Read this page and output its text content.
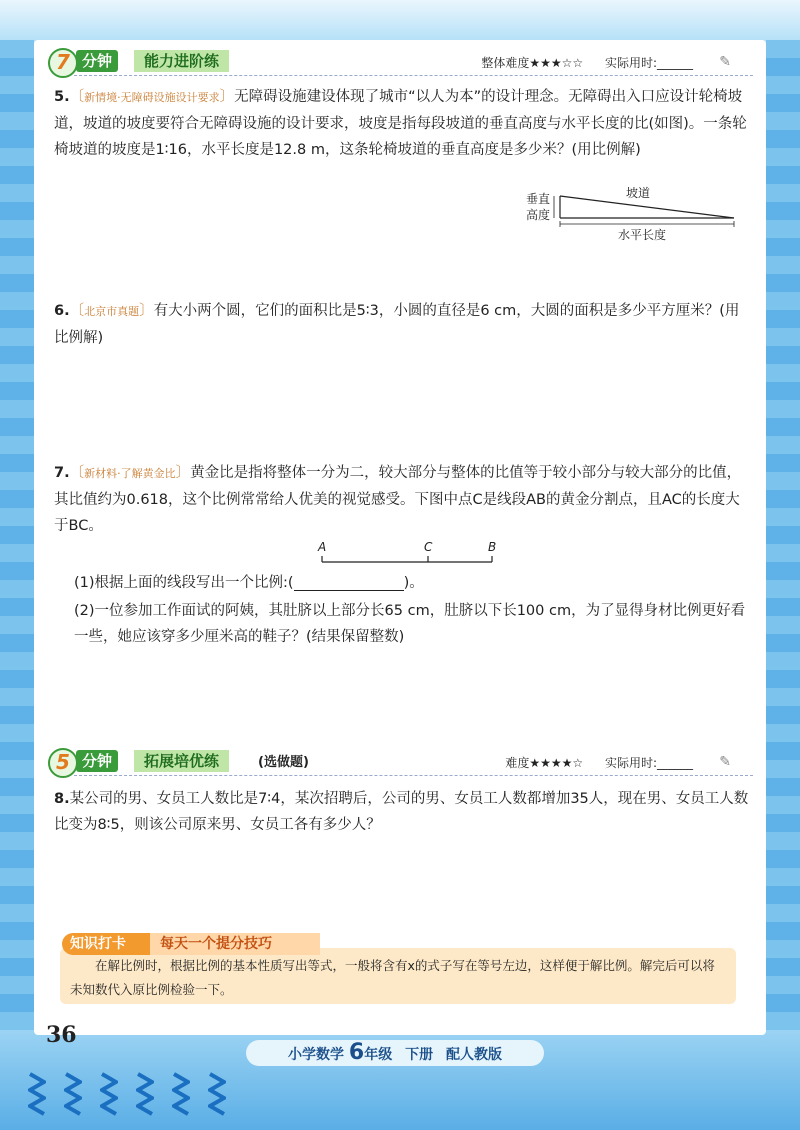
7 分钟	能力进阶练	整体难度★★★☆☆ 实际用时:______ ✎
5.〔新情境·无障碍设施设计要求〕无障碍设施建设体现了城市“以人为本”的设计理念。无障碍出入口应设计轮椅坡道，坡道的坡度要符合无障碍设施的设计要求，坡度是指每段坡道的垂直高度与水平长度的比(如图)。一条轮椅坡道的坡度是1∶16，水平长度是12.8 m，这条轮椅坡道的垂直高度是多少米？(用比例解)
垂直
高度
坡道
水平长度
6.〔北京市真题〕有大小两个圆，它们的面积比是5∶3，小圆的直径是6 cm，大圆的面积是多少平方厘米？(用比例解)
7.〔新材料·了解黄金比〕黄金比是指将整体一分为二，较大部分与整体的比值等于较小部分与较大部分的比值，其比值约为0.618，这个比例常常给人优美的视觉感受。下图中点C是线段AB的黄金分割点，且AC的长度大于BC。
A	C	B
(1)根据上面的线段写出一个比例:(	)。
(2)一位参加工作面试的阿姨，其肚脐以上部分长65 cm，肚脐以下长100 cm，为了显得身材比例更好看一些，她应该穿多少厘米高的鞋子？(结果保留整数)
5 分钟	拓展培优练	(选做题)	难度★★★★☆ 实际用时:______ ✎
8.某公司的男、女员工人数比是7∶4，某次招聘后，公司的男、女员工人数都增加35人，现在男、女员工人数比变为8∶5，则该公司原来男、女员工各有多少人？
在解比例时，根据比例的基本性质写出等式，一般将含有x的式子写在等号左边，这样便于解比例。解完后可以将未知数代入原比例检验一下。
知识打卡	每天一个提分技巧
36
小学数学 6年级 下册 配人教版
